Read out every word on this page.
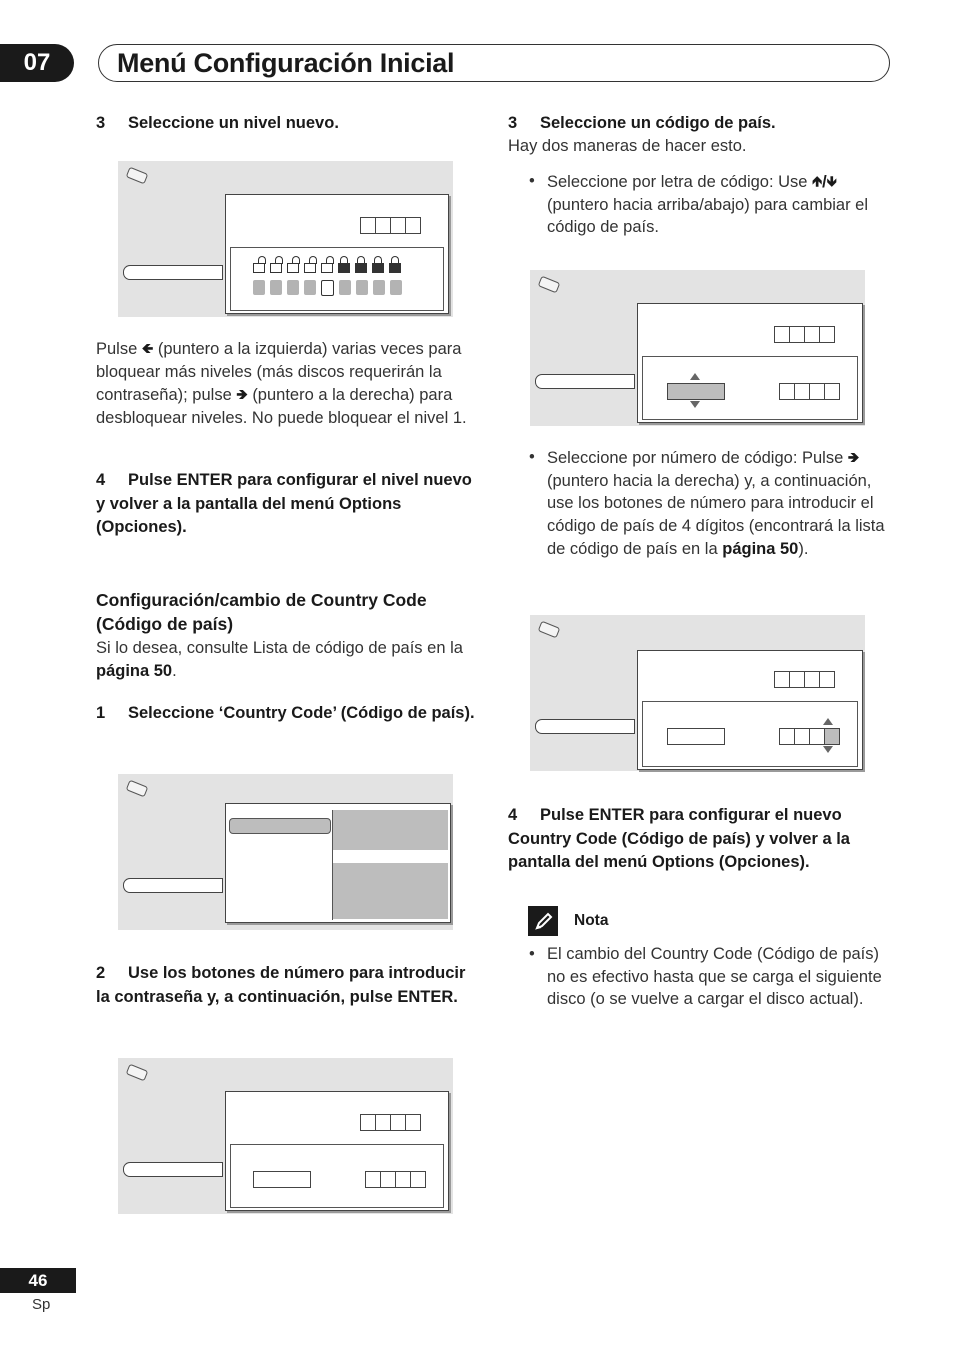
07	Menú Configuración Inicial
3 Seleccione un nivel nuevo.
Pulse 🡸 (puntero a la izquierda) varias veces para bloquear más niveles (más discos requerirán la contraseña); pulse 🡺 (puntero a la derecha) para desbloquear niveles. No puede bloquear el nivel 1.
4 Pulse ENTER para configurar el nivel nuevo y volver a la pantalla del menú Options (Opciones).
Configuración/cambio de Country Code (Código de país)
Si lo desea, consulte Lista de código de país en la página 50.
1 Seleccione ‘Country Code’ (Código de país).
2 Use los botones de número para introducir la contraseña y, a continuación, pulse ENTER.
3 Seleccione un código de país.
Hay dos maneras de hacer esto.
• Seleccione por letra de código: Use 🡹/🡻 (puntero hacia arriba/abajo) para cambiar el código de país.
• Seleccione por número de código: Pulse 🡺 (puntero hacia la derecha) y, a continuación, use los botones de número para introducir el código de país de 4 dígitos (encontrará la lista de código de país en la página 50).
4 Pulse ENTER para configurar el nuevo Country Code (Código de país) y volver a la pantalla del menú Options (Opciones).
Nota
• El cambio del Country Code (Código de país) no es efectivo hasta que se carga el siguiente disco (o se vuelve a cargar el disco actual).
46
Sp
